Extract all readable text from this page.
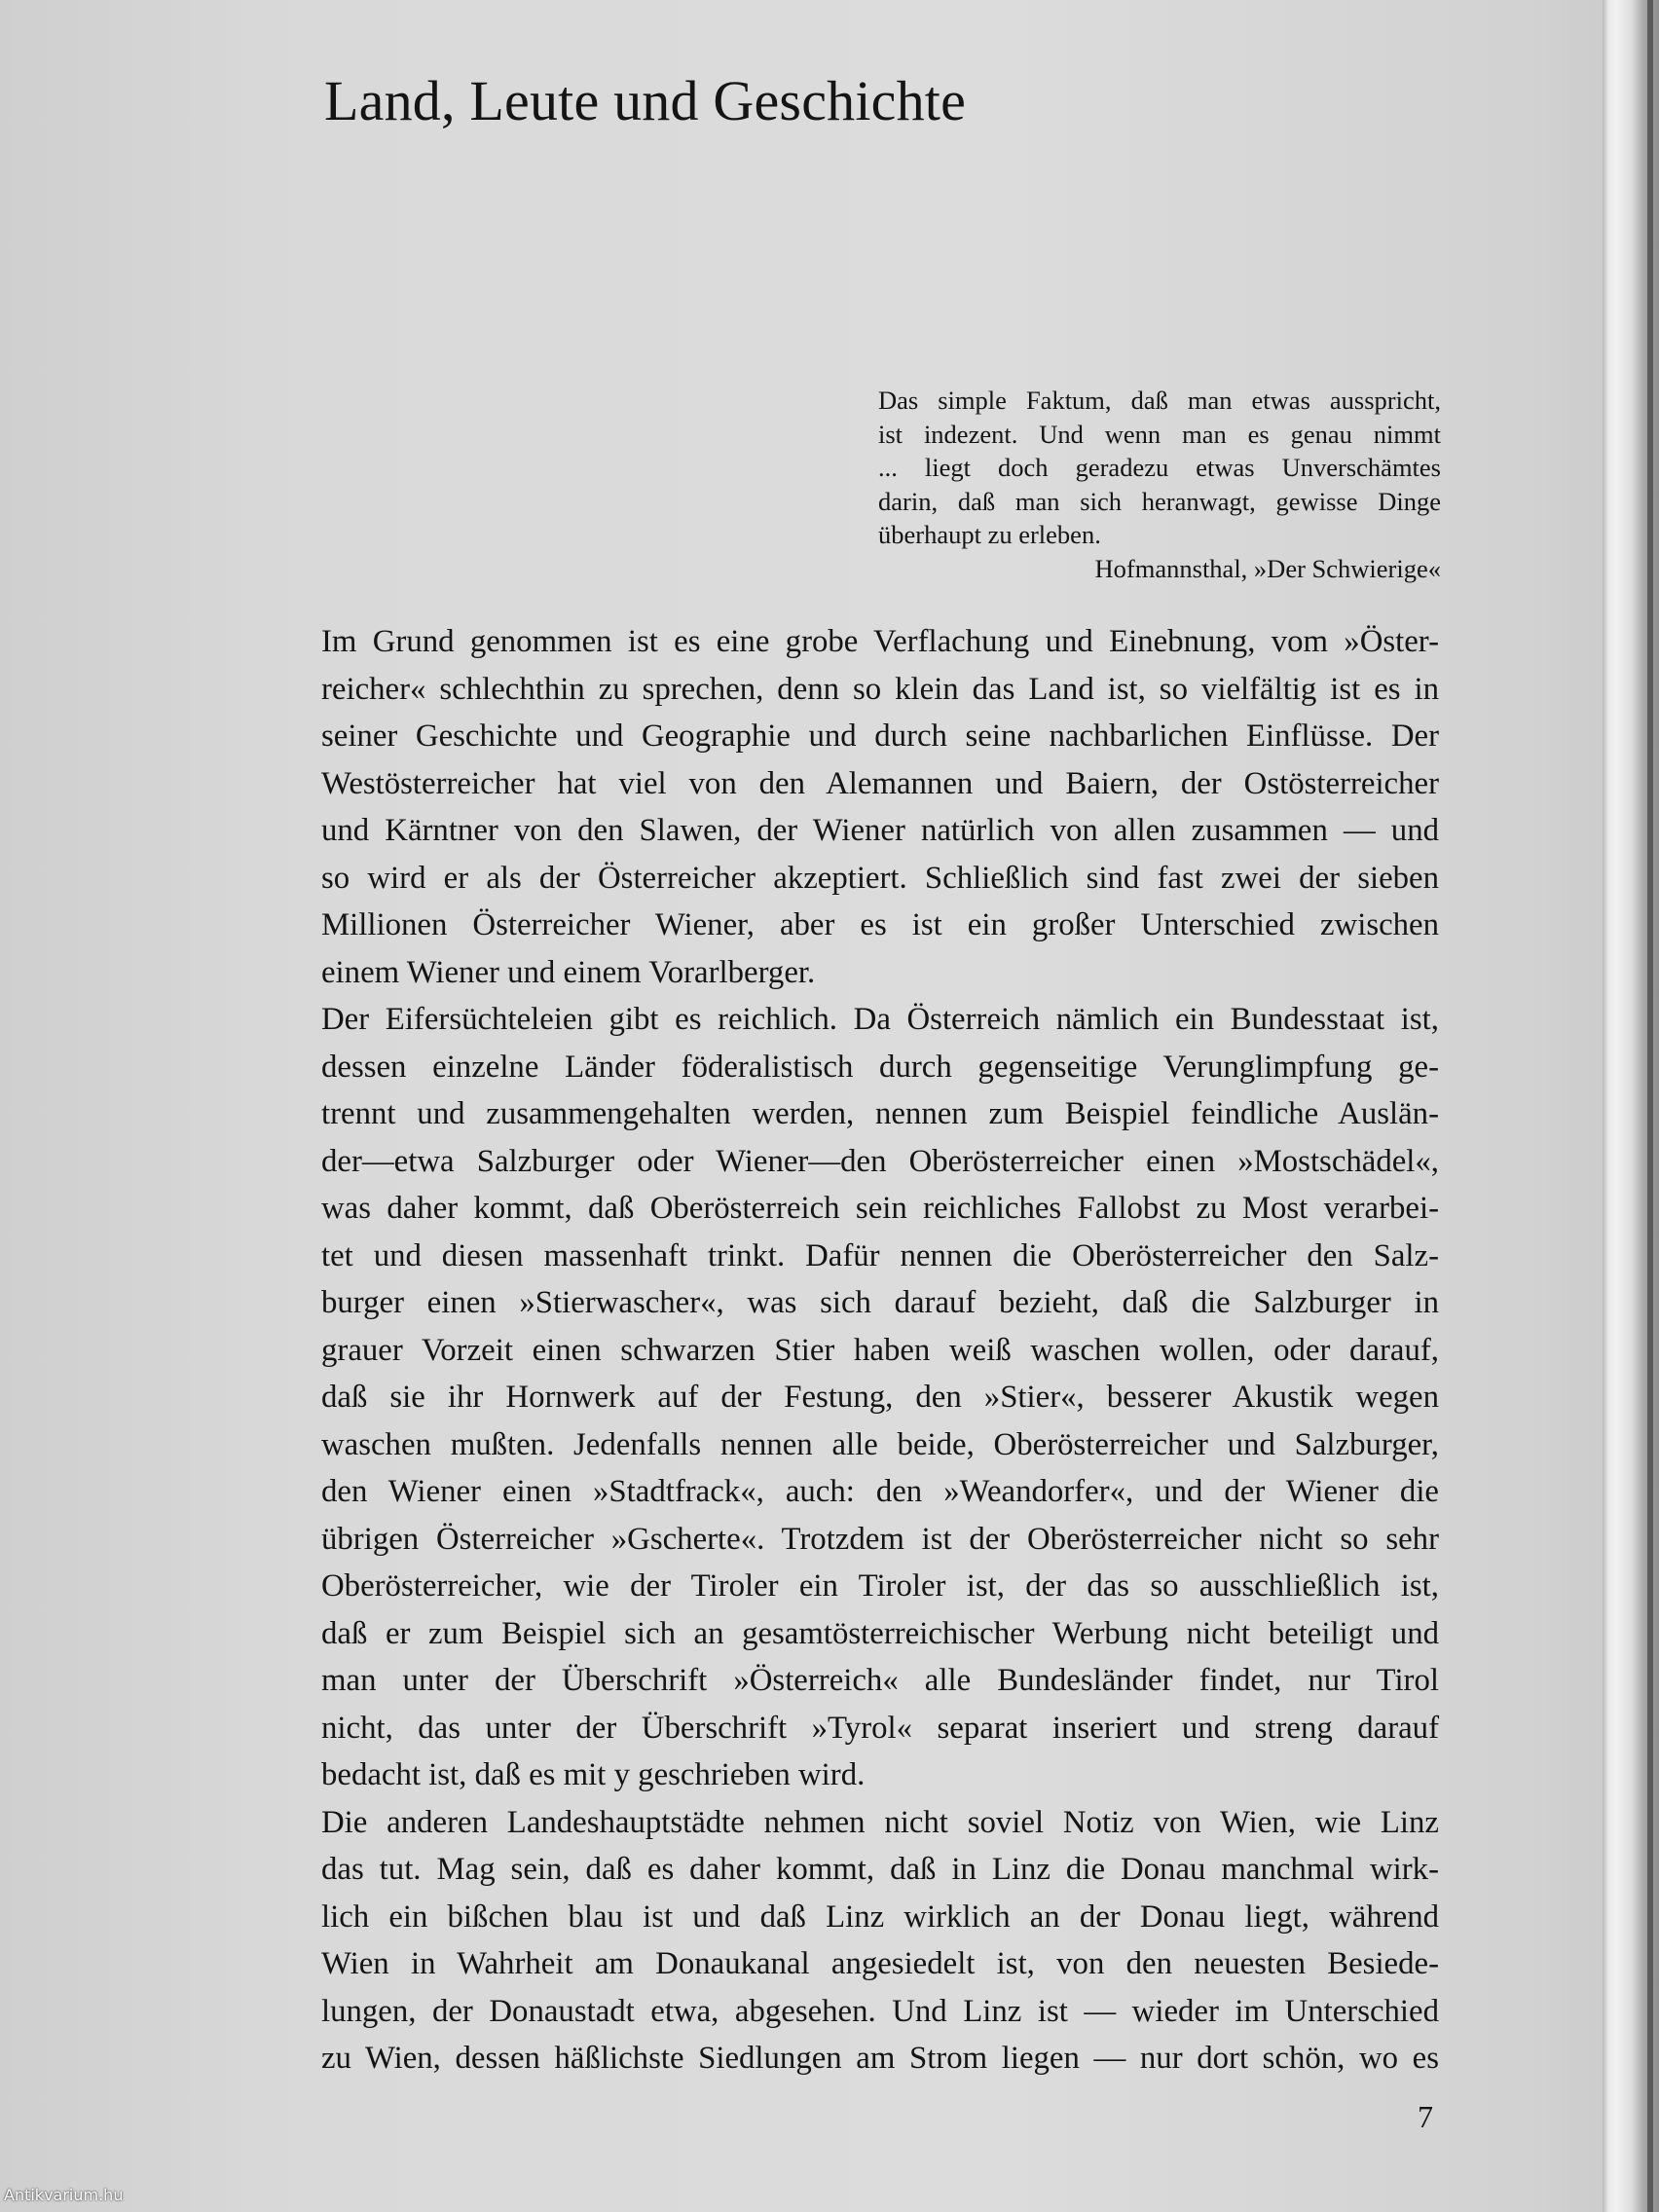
Land, Leute und Geschichte
Das simple Faktum, daß man etwas ausspricht,
ist indezent. Und wenn man es genau nimmt
... liegt doch geradezu etwas Unverschämtes
darin, daß man sich heranwagt, gewisse Dinge
überhaupt zu erleben.
Hofmannsthal, »Der Schwierige«

Im Grund genommen ist es eine grobe Verflachung und Einebnung, vom »Öster-
reicher« schlechthin zu sprechen, denn so klein das Land ist, so vielfältig ist es in
seiner Geschichte und Geographie und durch seine nachbarlichen Einflüsse. Der
Westösterreicher hat viel von den Alemannen und Baiern, der Ostösterreicher
und Kärntner von den Slawen, der Wiener natürlich von allen zusammen — und
so wird er als der Österreicher akzeptiert. Schließlich sind fast zwei der sieben
Millionen Österreicher Wiener, aber es ist ein großer Unterschied zwischen
einem Wiener und einem Vorarlberger.

Der Eifersüchteleien gibt es reichlich. Da Österreich nämlich ein Bundesstaat ist,
dessen einzelne Länder föderalistisch durch gegenseitige Verunglimpfung ge-
trennt und zusammengehalten werden, nennen zum Beispiel feindliche Auslän-
der—etwa Salzburger oder Wiener—den Oberösterreicher einen »Mostschädel«,
was daher kommt, daß Oberösterreich sein reichliches Fallobst zu Most verarbei-
tet und diesen massenhaft trinkt. Dafür nennen die Oberösterreicher den Salz-
burger einen »Stierwascher«, was sich darauf bezieht, daß die Salzburger in
grauer Vorzeit einen schwarzen Stier haben weiß waschen wollen, oder darauf,
daß sie ihr Hornwerk auf der Festung, den »Stier«, besserer Akustik wegen
waschen mußten. Jedenfalls nennen alle beide, Oberösterreicher und Salzburger,
den Wiener einen »Stadtfrack«, auch: den »Weandorfer«, und der Wiener die
übrigen Österreicher »Gscherte«. Trotzdem ist der Oberösterreicher nicht so sehr
Oberösterreicher, wie der Tiroler ein Tiroler ist, der das so ausschließlich ist,
daß er zum Beispiel sich an gesamtösterreichischer Werbung nicht beteiligt und
man unter der Überschrift »Österreich« alle Bundesländer findet, nur Tirol
nicht, das unter der Überschrift »Tyrol« separat inseriert und streng darauf
bedacht ist, daß es mit y geschrieben wird.

Die anderen Landeshauptstädte nehmen nicht soviel Notiz von Wien, wie Linz
das tut. Mag sein, daß es daher kommt, daß in Linz die Donau manchmal wirk-
lich ein bißchen blau ist und daß Linz wirklich an der Donau liegt, während
Wien in Wahrheit am Donaukanal angesiedelt ist, von den neuesten Besiede-
lungen, der Donaustadt etwa, abgesehen. Und Linz ist — wieder im Unterschied
zu Wien, dessen häßlichste Siedlungen am Strom liegen — nur dort schön, wo es

7
Antikvarium.hu
